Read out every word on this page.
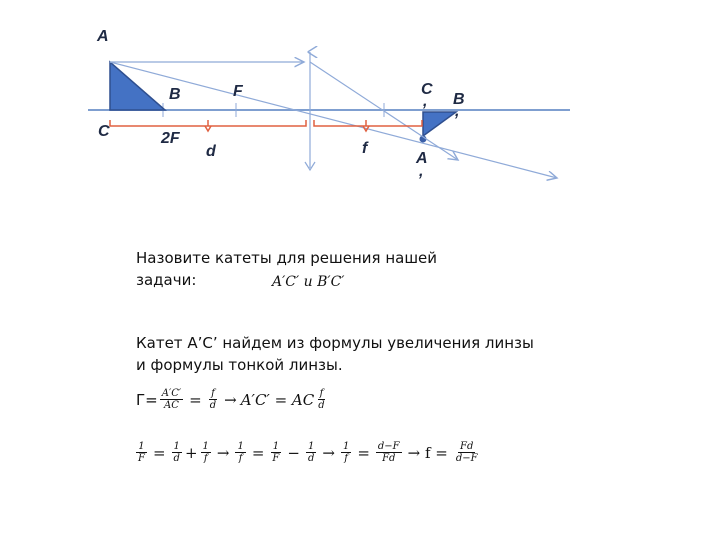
A
B	F
C	2F
d	f
C
, B
,
A
,
Назовите катеты для решения нашей
задачи:	A′C′ и B′C′
Катет A’C’ найдем из формулы увеличения линзы
и формулы тонкой линзы.
$Г= \frac{A'C'}{AC} = \frac{f}{d} \to A'C'$ = AC $\frac{f}{d}$
$\frac{1}{F} = \frac{1}{d} + \frac{1}{f} \to \frac{1}{f} = \frac{1}{F} - \frac{1}{d} \to \frac{1}{f} = \frac{d-F}{Fd} \to f = \frac{Fd}{d-F}$
